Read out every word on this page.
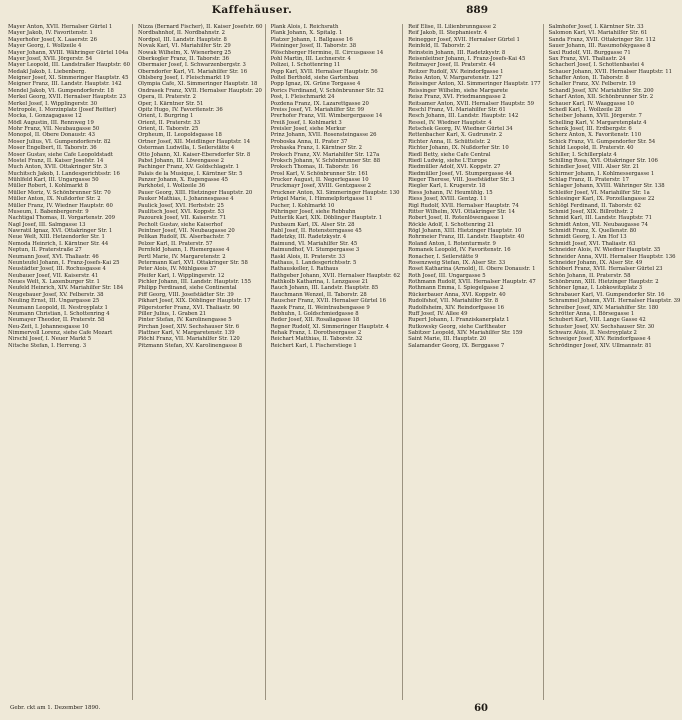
Kaffehäuser.	889
Mayer Anton, XVII. Hernalser Gürtel 1
Mayer Jakob, IV. Favoritenstr. 1
Mayerhofer Josef, X. Laaerstr. 26
Mayer Georg, I. Wollzeile 4
Mayer Johann, XVIII. Währinger Gürtel 104a
Mayer Josef, XVII. Jörgerstr. 54
Mayer Leopold, III. Landstraßer Hauptstr. 60
Medakl Jakob, I. Liebenberg.
Meigner Josef, XI. Simmeringer Hauptstr. 45
Meigner Franz, III. Landstr. Hauptstr. 142
Mendel Jakob, VI. Gumpendorferstr. 18
Merkel Georg, XVII. Hernalser Hauptstr. 23
Merkel Josef, I. Wipplingerstr. 30
Metropole, I. Morzinplatz (Josef Reitter)
Mocka, I. Gonzagagasse 12
Mödl Augustin, III. Rennweg 19
Mohr Franz, VII. Neubaugasse 50
Monopol, II. Obere Donaustr. 43
Moser Julius, VI. Gumpendorferstr. 82
Moser Engelbert, II. Taborstr. 36
Moser Gustav, siehe Cafe Leopoldstadt
Mostel Franz, II. Kaiser Josefstr. 14
Much Anton, XVII. Ottakringer Str. 3
Muchitsch Jakob, I. Landesgerichtsstr. 16
Mühlfeld Karl, III. Ungargasse 50
Müller Robert, I. Kohlmarkt 8
Müller Moriz, V. Schönbrunner Str. 70
Müller Anton, IX. Nußdorfer Str. 2
Müller Franz, IV. Wiedner Hauptstr. 60
Museum, I. Babenbergerstr. 9
Nachtigal Thomas, II. Vorgartenstr. 209
Nagl Josef, III. Salmgasse 13
Nawratil Ignaz, XVI. Ottakringer Str. 1
Neue Welt, XIII. Hetzendorfer Str. 1
Nemoda Heinrich, I. Kärntner Str. 44
Neptun, II. Praterstraße 27
Neumann Josef, XVI. Thaliastr. 46
Neunteufel Johann, I. Franz-Josefs-Kai 25
Neustädter Josef, III. Rochusgasse 4
Neubauer Josef, VII. Kaiserstr. 41
Neues Welt, X. Laxenburger Str. 1
Neufeld Heinrich, XIV. Mariahilfer Str. 184
Neugebauer Josef, XV. Felberstr. 38
Neuling Ernst, III. Ungargasse 25
Neumann Leopold, II. Nestroyplatz 1
Neumann Christian, I. Schottenring 4
Neumayer Theodor, II. Praterstr. 58
Neu-Zeit, I. Johannesgasse 10
Nimmervoll Lorenz, siehe Cafe Mozart
Nirschl Josef, I. Neuer Markt 5
Nitsche Stefan, I. Herreng. 3
Nizza (Bernard Fischer), II. Kaiser Josefstr. 60
Nordbahnhof, II. Nordbahnstr. 2
Nordpol, III. Landstr. Hauptstr. 8
Novak Karl, VI. Mariahilfer Str. 29
Nowak Wilhelm, X. Wienerberg 25
Oberkogler Franz, II. Taborstr. 36
Obermaier Josef, I. Schwarzenbergstr. 3
Oberndorfer Karl, VI. Mariahilfer Str. 16
Ohlsberg Josef, I. Fleischmarkt 19
Olympia Cafe, XI. Simmeringer Hauptstr. 18
Ondrasek Franz, XVII. Hernalser Hauptstr. 20
Opera, II. Praterstr. 2
Oper, I. Kärntner Str. 51
Opitz Hugo, IV. Favoritenstr. 36
Orient, I. Burgring 1
Orient, II. Praterstr. 33
Orient, II. Taborstr. 25
Orpheum, II. Leopoldsgasse 18
Ortner Josef, XII. Meidlinger Hauptstr. 14
Osterman Ludwilla, I. Seilerstätte 4
Otto Johann, XI. Kaiser-Ebersdorfer Str. 8
Pabst Johann, III. Löwengasse 2
Pachinger Franz, XV. Goldschlagstr. 1
Palais de la Musique, I. Kärntner Str. 5
Panzer Johann, X. Eugengasse 45
Parkhotel, I. Wollzeile 36
Pauer Georg, XIII. Hietzinger Hauptstr. 20
Pauker Mathias, I. Johannesgasse 4
Paulick Josef, XVI. Herbststr. 25
Paulitsch Josef, XVI. Koppstr. 53
Pazourek Josef, VII. Kaiserstr. 71
Pecholt Gustav, siehe Kaiserhof
Peintner Josef, VII. Neubaugasse 20
Pelikan Rudolf, IX. Alserbachstr. 7
Pelzer Karl, II. Praterstr. 57
Pernfeld Johann, I. Riemergasse 4
Pertl Marie, IV. Margaretenstr. 2
Petermann Karl, XVI. Ottakringer Str. 58
Peter Alois, IV. Mühlgasse 37
Pfeifer Karl, I. Wipplingerstr. 12
Pichler Johann, III. Landstr. Hauptstr. 155
Philipp Ferdinand, siehe Continental
Piff Georg, VIII. Josefstädter Str. 39
Pikhart Josef, XIX. Döblinger Hauptstr. 17
Pilgerstorfer Franz, XVI. Thaliastr. 90
Piller Julius, I. Graben 21
Pinter Stefan, IV. Karolinengasse 5
Pirchan Josef, XIV. Sechshauser Str. 6
Plattner Karl, V. Margaretenstr. 139
Plöchl Franz, VII. Mariahilfer Str. 120
Pitzmann Stefan, XV. Karolinengasse 8
Plank Alois, I. Reichsrath
Plank Johann, X. Spitalg. 1
Platzer Johann, I. Ballgasse 16
Pleininger Josef, II. Taborstr. 38
Plöschberger Hermine, II. Circusgasse 14
Pohl Martin, III. Lechnerstr. 4
Polizei, I. Schottenring 11
Popp Karl, XVII. Hernalser Hauptstr. 56
Poltel Berthold, siehe Gartenbau
Popp Ignaz, IX. Grüne Torgasse 4
Porics Ferdinand, V. Schönbrunner Str. 52
Post, I. Fleischmarkt 24
Pozdena Franz, IX. Lazarettgasse 20
Preiss Josef, VI. Mariahilfer Str. 99
Prerhofer Franz, VII. Wimbergergasse 14
Preiß Josef, I. Kohlmarkt 3
Preisler Josef, siehe Merkur
Prinz Johann, XVII. Rosensteingasse 26
Proboska Anna, II. Prater 37
Prohaska Franz, I. Kärntner Str. 2
Proksch Franz, XV. Mariahilfer Str. 127a
Proksch Johann, V. Schönbrunner Str. 88
Proksch Thomas, II. Taborstr. 16
Prosl Karl, V. Schönbrunner Str. 161
Prucker August, II. Negerlegasse 10
Pruckmayr Josef, XVIII. Gentzgasse 2
Pruckner Anton, XI. Simmeringer Hauptstr. 130
Prügel Marie, I. Himmelpfortgasse 11
Pucher, I. Kohlmarkt 10
Pühringer Josef, siehe Rebhuhn
Putterlik Karl, XIX. Döblinger Hauptstr. 1
Puxbaum Karl, IX. Alser Str. 28
Rabl Josef, II. Rotensterngasse 45
Radetzky, III. Radetzkystr. 4
Raimund, VI. Mariahilfer Str. 45
Raimundhof, VI. Stumpergasse 3
Raskl Alois, II. Praterstr. 33
Rathaus, I. Landesgerichtsstr. 5
Rathauskeller, I. Rathaus
Rathgeber Johann, XVII. Hernalser Hauptstr. 62
Rathkolb Katharina, I. Lenzgasse 21
Rauch Johann, III. Landstr. Hauptstr. 85
Rauchmann Wenzel, II. Taborstr. 28
Rauscher Franz, XVII. Hernalser Gürtel 16
Razek Franz, II. Weintraubengasse 9
Rebhuhn, I. Goldschmiedgasse 8
Reder Josef, XII. Rosaliagasse 18
Regner Rudolf, XI. Simmeringer Hauptstr. 4
Rehak Franz, I. Dorotheergasse 2
Reichart Matthias, II. Taborstr. 32
Reichert Karl, I. Fischerstiege 1
Reif Elise, II. Lilienbrunngasse 2
Reif Jakob, II. Stephaniestr. 4
Reinegger Josef, XVII. Hernalser Gürtel 1
Reinfeld, II. Taborstr. 2
Reinstein Johann, III. Radetzkystr. 8
Reisenleitner Johann, I. Franz-Josefs-Kai 45
Reitmayer Josef, II. Praterstr. 44
Reitzer Rudolf, XV. Reindorfgasse 1
Reiss Anton, V. Margaretenstr. 127
Reissinger Anton, XI. Simmeringer Hauptstr. 177
Reissinger Wilhelm, siehe Margarete
Reisz Franz, XVI. Friedmanngasse 2
Reitsamer Anton, XVII. Hernalser Hauptstr. 59
Reschl Franz, VI. Mariahilfer Str. 61
Resch Johann, III. Landstr. Hauptstr. 142
Ressel, IV. Wiedner Hauptstr. 4
Retschek Georg, IV. Wiedner Gürtel 34
Rettenbacher Karl, X. Gudrunstr. 2
Richter Anna, II. Schüttelstr. 2
Richter Johann, IX. Nußdorfer Str. 10
Riedl Betty, siehe Cafe Central
Riedl Ludwig, siehe L'Europe
Riedmüller Adolf, XVI. Koppstr. 27
Riedmüller Josef, VI. Stumpergasse 44
Rieger Therese, VIII. Josefstädter Str. 3
Riegler Karl, I. Krugerstr. 18
Riess Johann, IV. Heumühlg. 15
Riess Josef, XVIII. Gentzg. 11
Rigl Rudolf, XVII. Hernalser Hauptstr. 74
Ritter Wilhelm, XVI. Ottakringer Str. 14
Robert Josef, II. Rotenlöwengasse 1
Röckle Adolf, I. Schottenring 21
Rögl Johann, XIII. Hietzinger Hauptstr. 10
Rohrmeier Franz, III. Landstr. Hauptstr. 40
Roland Anton, I. Rotenturmstr. 9
Romanek Leopold, IV. Favoritenstr. 16
Ronacher, I. Seilerstätte 9
Rosenzweig Stefan, IX. Alser Str. 33
Roset Katharina (Arnold), II. Obere Donaustr. 1
Roth Josef, III. Ungargasse 5
Rothmann Rudolf, XVII. Hernalser Hauptstr. 47
Rothmann Emma, I. Spiegelgasse 2
Rückerbauer Anna, XVI. Koppstr. 40
Rudolfshof, VII. Mariahilfer Str. 8
Rudolfsheim, XIV. Reindorfgasse 16
Ruff Josef, IV. Allee 49
Rupert Johann, I. Franziskanerplatz 1
Rutkowsky Georg, siehe Carltheater
Sabitzer Leopold, XIV. Mariahilfer Str. 159
Saint Marie, III. Hauptstr. 20
Salamander Georg, IX. Berggasse 7
Salmhofer Josef, I. Kärntner Str. 33
Salomon Karl, VI. Mariahilfer Str. 61
Sanda Franz, XVII. Ottakringer Str. 112
Sauer Johann, III. Rasumofskygasse 8
Saxl Rudolf, VII. Burggasse 71
Sax Franz, XVI. Thaliastr. 24
Schacherl Josef, I. Schottenbastei 4
Schauer Johann, XVII. Hernalser Hauptstr. 11
Schaffer Anton, II. Taborstr. 8
Schaller Franz, XV. Felberstr. 19
Schandl Josef, XIV. Mariahilfer Str. 200
Scharf Anton, XII. Schönbrunner Str. 2
Schauer Karl, IV. Waaggasse 10
Schedl Karl, I. Wollzeile 28
Scheiber Johann, XVII. Jörgerstr. 7
Schelling Karl, V. Margaretenplatz 4
Schenk Josef, III. Erdbergstr. 6
Scherz Anton, X. Favoritenstr. 110
Schick Franz, VI. Gumpendorfer Str. 54
Schild Leopold, II. Praterstr. 40
Schiller, I. Schillerplatz 4
Schilling Rosa, XVI. Ottakringer Str. 106
Schindler Josef, VIII. Alser Str. 21
Schirmer Johann, I. Kohlmessergasse 1
Schlag Franz, II. Praterstr. 17
Schlager Johann, XVIII. Währinger Str. 138
Schleifer Josef, VI. Mariahilfer Str. 1a
Schlesinger Karl, IX. Porzellangasse 22
Schlögl Ferdinand, II. Taborstr. 62
Schmid Josef, XIX. Billrothstr. 2
Schmid Karl, III. Landstr. Hauptstr. 71
Schmidt Anton, VII. Neubaugasse 74
Schmidt Franz, X. Quellenstr. 80
Schmidt Georg, I. Am Hof 13
Schmidt Josef, XVI. Thaliastr. 63
Schneider Alois, IV. Wiedner Hauptstr. 35
Schneider Anna, XVII. Hernalser Hauptstr. 136
Schneider Johann, IX. Alser Str. 49
Schöberl Franz, XVII. Hernalser Gürtel 23
Schön Johann, II. Praterstr. 58
Schönbrunn, XIII. Hietzinger Hauptstr. 2
Schöner Ignaz, I. Lobkowitzplatz 3
Schrabauer Karl, VI. Gumpendorfer Str. 16
Schrammel Johann, XVII. Hernalser Hauptstr. 39
Schreiber Josef, XIV. Mariahilfer Str. 180
Schrötter Anna, I. Börsegasse 1
Schubert Karl, VIII. Lange Gasse 42
Schuster Josef, XV. Sechshauser Str. 30
Schwarz Alois, II. Nestroyplatz 2
Schweiger Josef, XIV. Reindorfgasse 4
Schrödinger Josef, XIV. Ullmannstr. 81
Gebr. ckt am 1. Dezember 1890.	60
